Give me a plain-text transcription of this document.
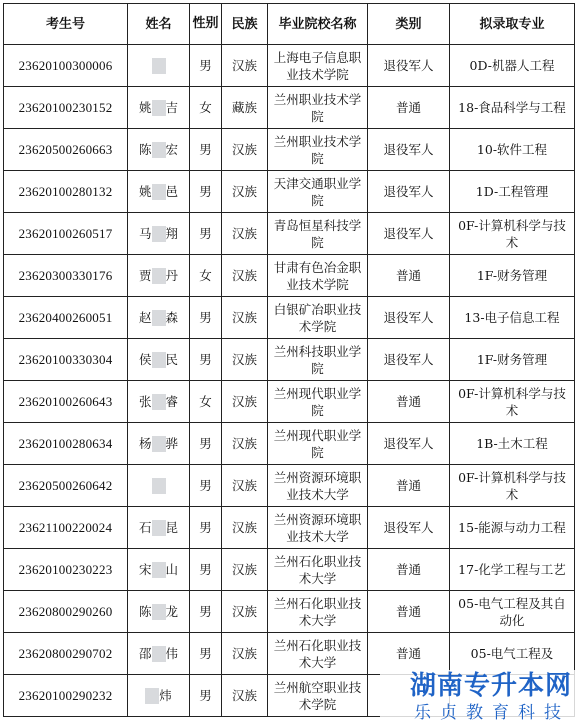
考生号	姓名	性别	民族	毕业院校名称	类别	拟录取专业

23620100300006		男	汉族	上海电子信息职业技术学院	退役军人	0D-机器人工程

23620100230152	姚 吉	女	藏族	兰州职业技术学院	普通	18-食品科学与工程

23620500260663	陈 宏	男	汉族	兰州职业技术学院	退役军人	10-软件工程

23620100280132	姚 邑	男	汉族	天津交通职业学院	退役军人	1D-工程管理

23620100260517	马 翔	男	汉族	青岛恒星科技学院	退役军人	0F-计算机科学与技术

23620300330176	贾 丹	女	汉族	甘肃有色冶金职业技术学院	普通	1F-财务管理

23620400260051	赵 森	男	汉族	白银矿冶职业技术学院	退役军人	13-电子信息工程

23620100330304	侯 民	男	汉族	兰州科技职业学院	退役军人	1F-财务管理

23620100260643	张 睿	女	汉族	兰州现代职业学院	普通	0F-计算机科学与技术

23620100280634	杨 骅	男	汉族	兰州现代职业学院	退役军人	1B-土木工程

23620500260642		男	汉族	兰州资源环境职业技术大学	普通	0F-计算机科学与技术

23621100220024	石 昆	男	汉族	兰州资源环境职业技术大学	退役军人	15-能源与动力工程

23620100230223	宋 山	男	汉族	兰州石化职业技术大学	普通	17-化学工程与工艺

23620800290260	陈 龙	男	汉族	兰州石化职业技术大学	普通	05-电气工程及其自动化

23620800290702	邵 伟	男	汉族	兰州石化职业技术大学	普通	05-电气工程及

23620100290232	炜	男	汉族	兰州航空职业技术学院		

湖南专升本网
乐贞教育科技
